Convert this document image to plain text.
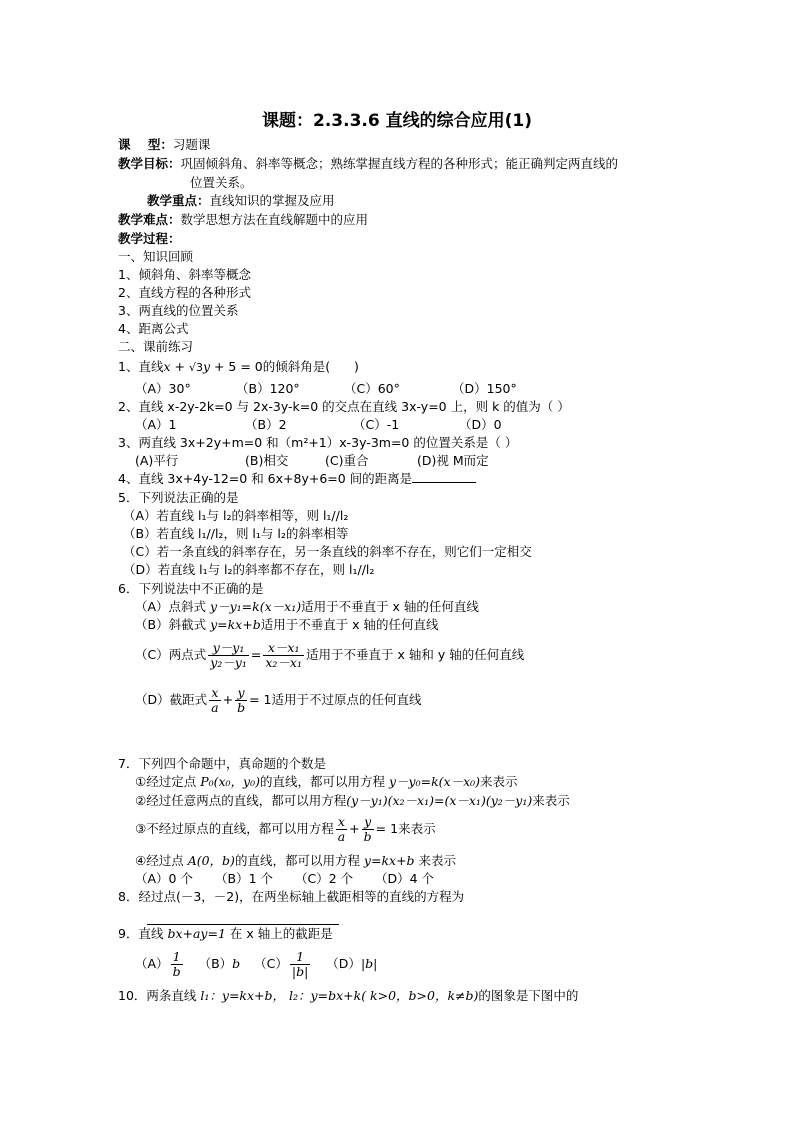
课题：2.3.3.6 直线的综合应用(1)
课    型：习题课
教学目标：巩固倾斜角、斜率等概念；熟练掌握直线方程的各种形式；能正确判定两直线的
位置关系。
教学重点：直线知识的掌握及应用
教学难点：数学思想方法在直线解题中的应用
教学过程：
一、知识回顾
1、倾斜角、斜率等概念
2、直线方程的各种形式
3、两直线的位置关系
4、距离公式
二、课前练习
1、直线x + √3y + 5 = 0的倾斜角是(      )
（A）30°	（B）120°	（C）60°	（D）150°
2、直线 x-2y-2k=0 与 2x-3y-k=0 的交点在直线 3x-y=0 上，则 k 的值为（ ）
（A）1	（B）2	（C）-1	（D）0
3、两直线 3x+2y+m=0 和（m²+1）x-3y-3m=0 的位置关系是（ ）
(A)平行	(B)相交	(C)重合	(D)视 M而定
4、直线 3x+4y-12=0 和 6x+8y+6=0 间的距离是
5．下列说法正确的是
（A）若直线 l₁与 l₂的斜率相等，则 l₁//l₂
（B）若直线 l₁//l₂，则 l₁与 l₂的斜率相等
（C）若一条直线的斜率存在，另一条直线的斜率不存在，则它们一定相交
（D）若直线 l₁与 l₂的斜率都不存在，则 l₁//l₂
6．下列说法中不正确的是
（A）点斜式 y－y₁=k(x－x₁)适用于不垂直于 x 轴的任何直线
（B）斜截式 y=kx+b适用于不垂直于 x 轴的任何直线
（C）两点式 $\frac{\text{y－y₁}}{\text{y₂－y₁}} = \frac{\text{x－x₁}}{\text{x₂－x₁}}$ 适用于不垂直于 x 轴和 y 轴的任何直线
（D）截距式 $\frac{x}{a} + \frac{y}{b} = 1$适用于不过原点的任何直线
7．下列四个命题中，真命题的个数是
①经过定点 P₀(x₀，y₀)的直线，都可以用方程 y－y₀=k(x－x₀)来表示
②经过任意两点的直线，都可以用方程(y－y₁)(x₂－x₁)=(x－x₁)(y₂－y₁)来表示
③不经过原点的直线，都可以用方程 $\frac{x}{a} + \frac{y}{b} = 1$来表示
④经过点 A(0，b)的直线，都可以用方程 y=kx+b 来表示
（A）0 个 （B）1 个 （C）2 个 （D）4 个
8．经过点(－3，－2)，在两坐标轴上截距相等的直线的方程为
9．直线 bx+ay=1 在 x 轴上的截距是
$(A) \frac{1}{b} (B)b$ $(C) \frac{1}{|b|} (D)|b|$
10．两条直线 l₁：y=kx+b， l₂：y=bx+k( k>0，b>0，k≠b)的图象是下图中的
